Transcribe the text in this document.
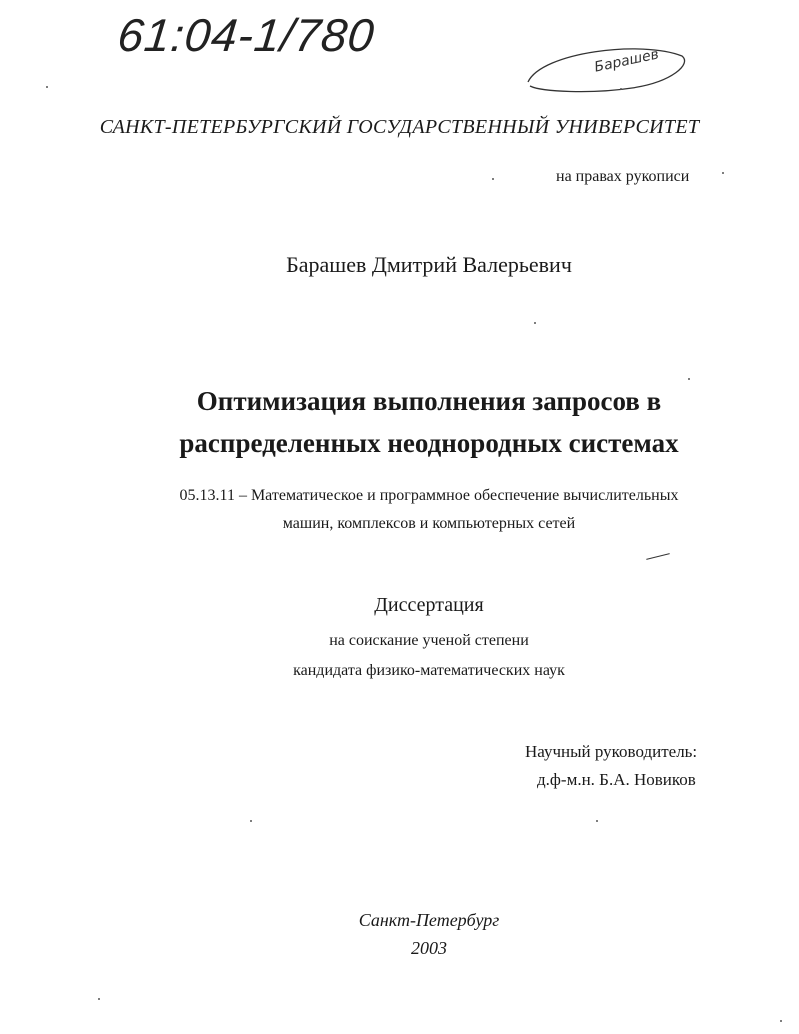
61:04-1/780
Барашев
САНКТ-ПЕТЕРБУРГСКИЙ ГОСУДАРСТВЕННЫЙ УНИВЕРСИТЕТ
на правах рукописи
Барашев Дмитрий Валерьевич
Оптимизация выполнения запросов в
распределенных неоднородных системах
05.13.11 – Математическое и программное обеспечение вычислительных
машин, комплексов и компьютерных сетей
Диссертация
на соискание ученой степени
кандидата физико-математических наук
Научный руководитель:
д.ф-м.н. Б.А. Новиков
Санкт-Петербург
2003
